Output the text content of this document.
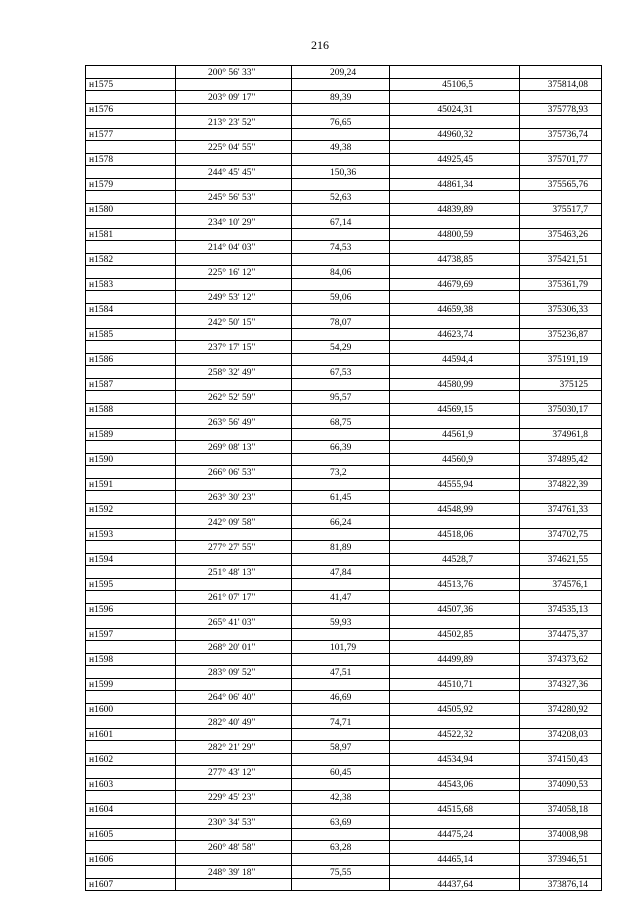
216
	200° 56' 33"	209,24		
н1575			45106,5	375814,08
	203° 09' 17"	89,39		
н1576			45024,31	375778,93
	213° 23' 52"	76,65		
н1577			44960,32	375736,74
	225° 04' 55"	49,38		
н1578			44925,45	375701,77
	244° 45' 45"	150,36		
н1579			44861,34	375565,76
	245° 56' 53"	52,63		
н1580			44839,89	375517,7
	234° 10' 29"	67,14		
н1581			44800,59	375463,26
	214° 04' 03"	74,53		
н1582			44738,85	375421,51
	225° 16' 12"	84,06		
н1583			44679,69	375361,79
	249° 53' 12"	59,06		
н1584			44659,38	375306,33
	242° 50' 15"	78,07		
н1585			44623,74	375236,87
	237° 17' 15"	54,29		
н1586			44594,4	375191,19
	258° 32' 49"	67,53		
н1587			44580,99	375125
	262° 52' 59"	95,57		
н1588			44569,15	375030,17
	263° 56' 49"	68,75		
н1589			44561,9	374961,8
	269° 08' 13"	66,39		
н1590			44560,9	374895,42
	266° 06' 53"	73,2		
н1591			44555,94	374822,39
	263° 30' 23"	61,45		
н1592			44548,99	374761,33
	242° 09' 58"	66,24		
н1593			44518,06	374702,75
	277° 27' 55"	81,89		
н1594			44528,7	374621,55
	251° 48' 13"	47,84		
н1595			44513,76	374576,1
	261° 07' 17"	41,47		
н1596			44507,36	374535,13
	265° 41' 03"	59,93		
н1597			44502,85	374475,37
	268° 20' 01"	101,79		
н1598			44499,89	374373,62
	283° 09' 52"	47,51		
н1599			44510,71	374327,36
	264° 06' 40"	46,69		
н1600			44505,92	374280,92
	282° 40' 49"	74,71		
н1601			44522,32	374208,03
	282° 21' 29"	58,97		
н1602			44534,94	374150,43
	277° 43' 12"	60,45		
н1603			44543,06	374090,53
	229° 45' 23"	42,38		
н1604			44515,68	374058,18
	230° 34' 53"	63,69		
н1605			44475,24	374008,98
	260° 48' 58"	63,28		
н1606			44465,14	373946,51
	248° 39' 18"	75,55		
н1607			44437,64	373876,14
